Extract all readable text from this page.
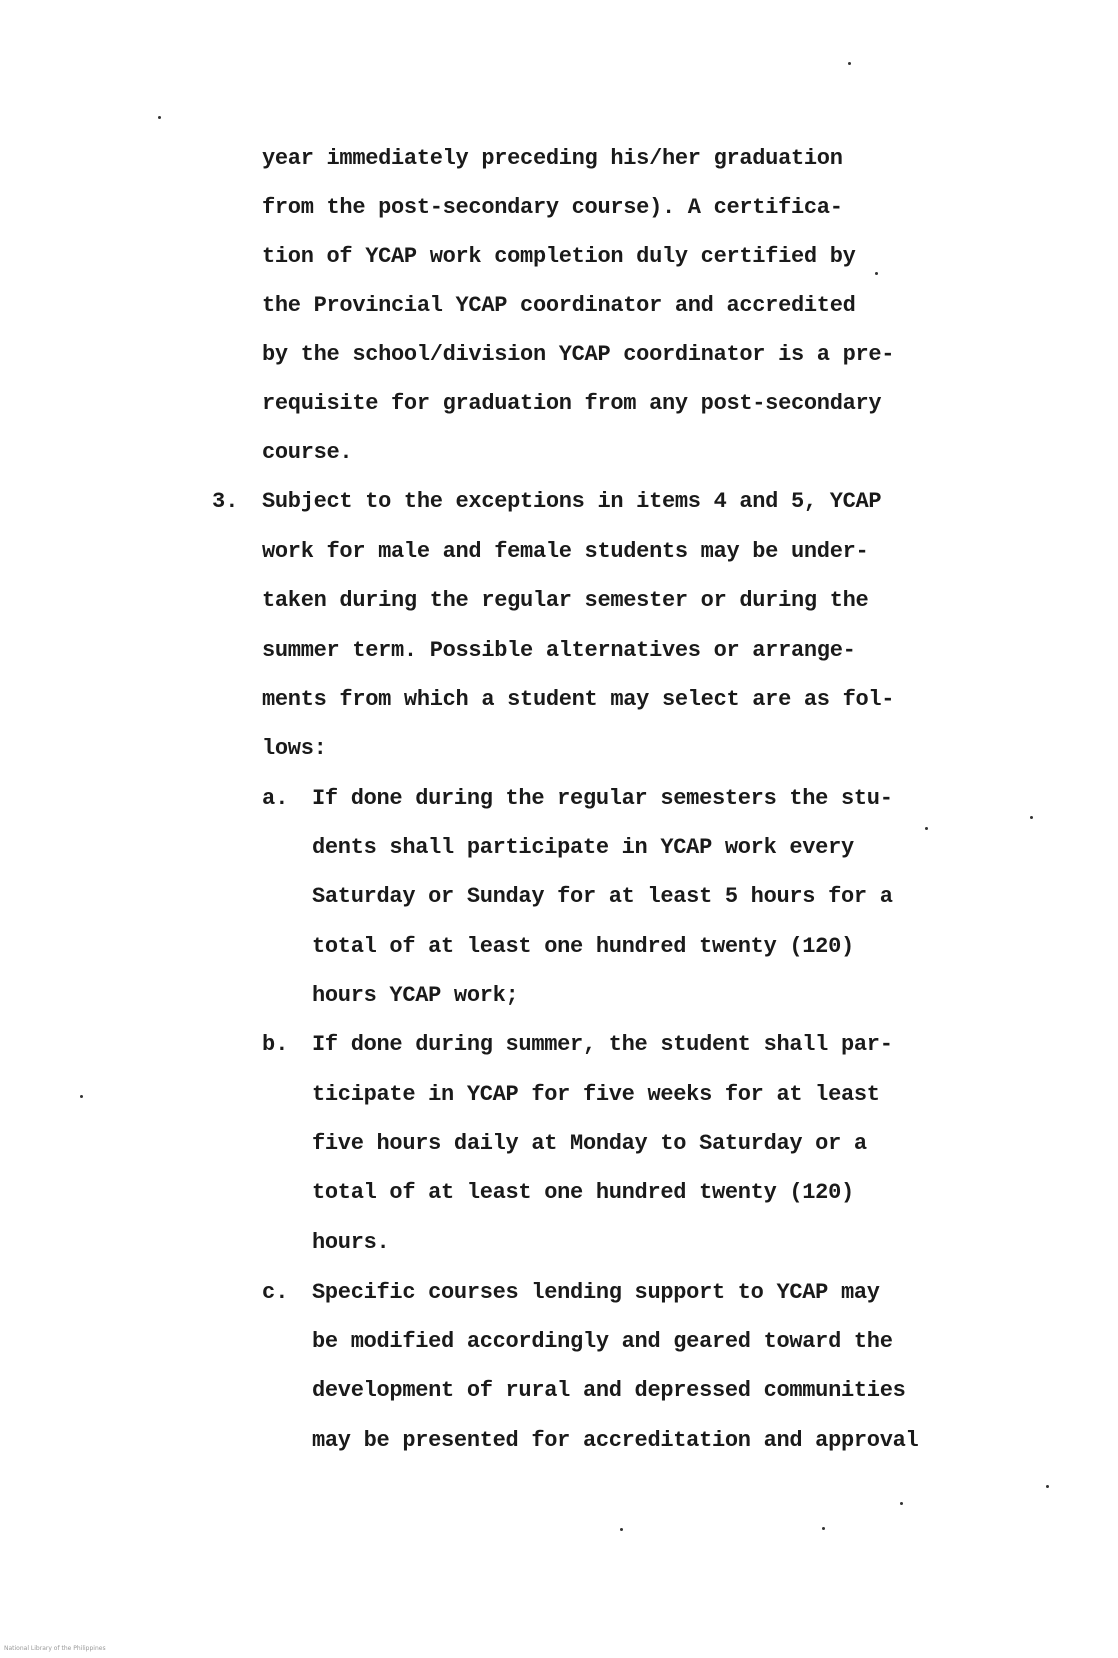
year immediately preceding his/her graduation
from the post-secondary course). A certifica-
tion of YCAP work completion duly certified by
the Provincial YCAP coordinator and accredited
by the school/division YCAP coordinator is a pre-
requisite for graduation from any post-secondary
course.
3. Subject to the exceptions in items 4 and 5, YCAP
work for male and female students may be under-
taken during the regular semester or during the
summer term. Possible alternatives or arrange-
ments from which a student may select are as fol-
lows:
a. If done during the regular semesters the stu-
dents shall participate in YCAP work every
Saturday or Sunday for at least 5 hours for a
total of at least one hundred twenty (120)
hours YCAP work;
b. If done during summer, the student shall par-
ticipate in YCAP for five weeks for at least
five hours daily at Monday to Saturday or a
total of at least one hundred twenty (120)
hours.
c. Specific courses lending support to YCAP may
be modified accordingly and geared toward the
development of rural and depressed communities
may be presented for accreditation and approval
National Library of the Philippines
